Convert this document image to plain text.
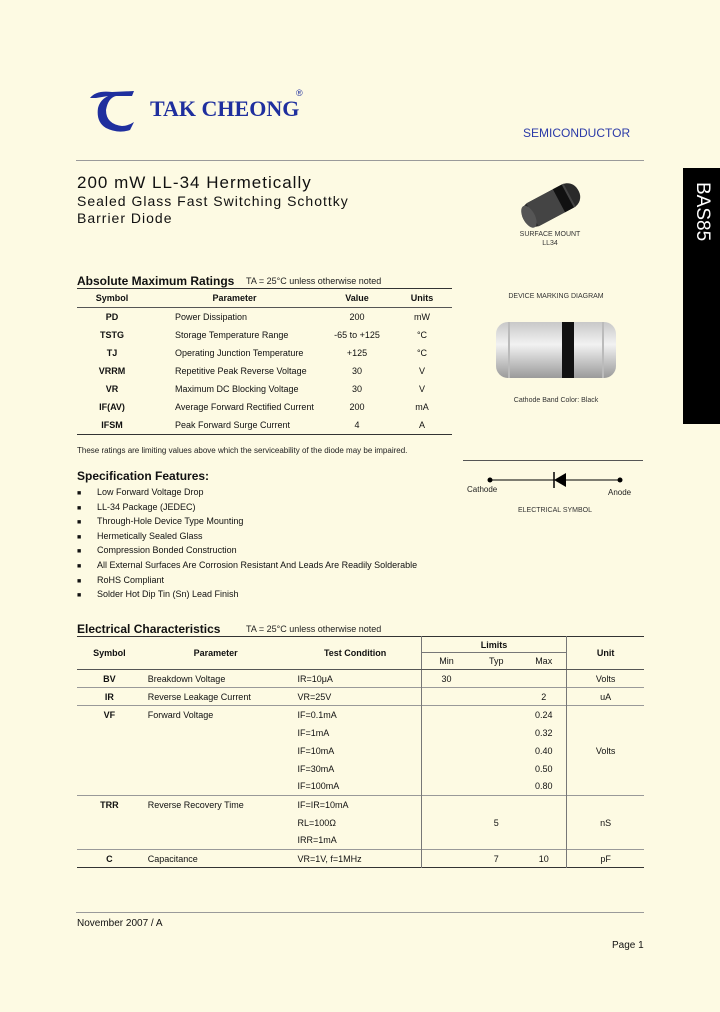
TAK CHEONG
®
SEMICONDUCTOR
BAS85
200 mW LL-34 Hermetically
Sealed Glass Fast Switching Schottky
Barrier Diode
SURFACE MOUNT
LL34
DEVICE MARKING DIAGRAM
Cathode Band Color: Black
Absolute Maximum Ratings TA = 25°C unless otherwise noted
Symbol	Parameter	Value	Units
PD	Power Dissipation	200	mW
TSTG	Storage Temperature Range	-65 to +125	°C
TJ	Operating Junction Temperature	+125	°C
VRRM	Repetitive Peak Reverse Voltage	30	V
VR	Maximum DC Blocking Voltage	30	V
IF(AV)	Average Forward Rectified Current	200	mA
IFSM	Peak Forward Surge Current	4	A
These ratings are limiting values above which the serviceability of the diode may be impaired.
Cathode	Anode
ELECTRICAL SYMBOL
Specification Features:
■ Low Forward Voltage Drop
■ LL-34 Package (JEDEC)
■ Through-Hole Device Type Mounting
■ Hermetically Sealed Glass
■ Compression Bonded Construction
■ All External Surfaces Are Corrosion Resistant And Leads Are Readily Solderable
■ RoHS Compliant
■ Solder Hot Dip Tin (Sn) Lead Finish
Electrical Characteristics	TA = 25°C unless otherwise noted
Symbol	Parameter	Test Condition	Limits			Unit
			Min	Typ	Max	
BV	Breakdown Voltage	IR=10μA	30			Volts
IR	Reverse Leakage Current	VR=25V			2	uA
VF	Forward Voltage	IF=0.1mA			0.24	
		IF=1mA			0.32	
		IF=10mA			0.40	Volts
		IF=30mA			0.50	
		IF=100mA			0.80	
TRR	Reverse Recovery Time	IF=IR=10mA				
		RL=100Ω		5		nS
		IRR=1mA				
C	Capacitance	VR=1V, f=1MHz		7	10	pF
November 2007 / A
Page 1
